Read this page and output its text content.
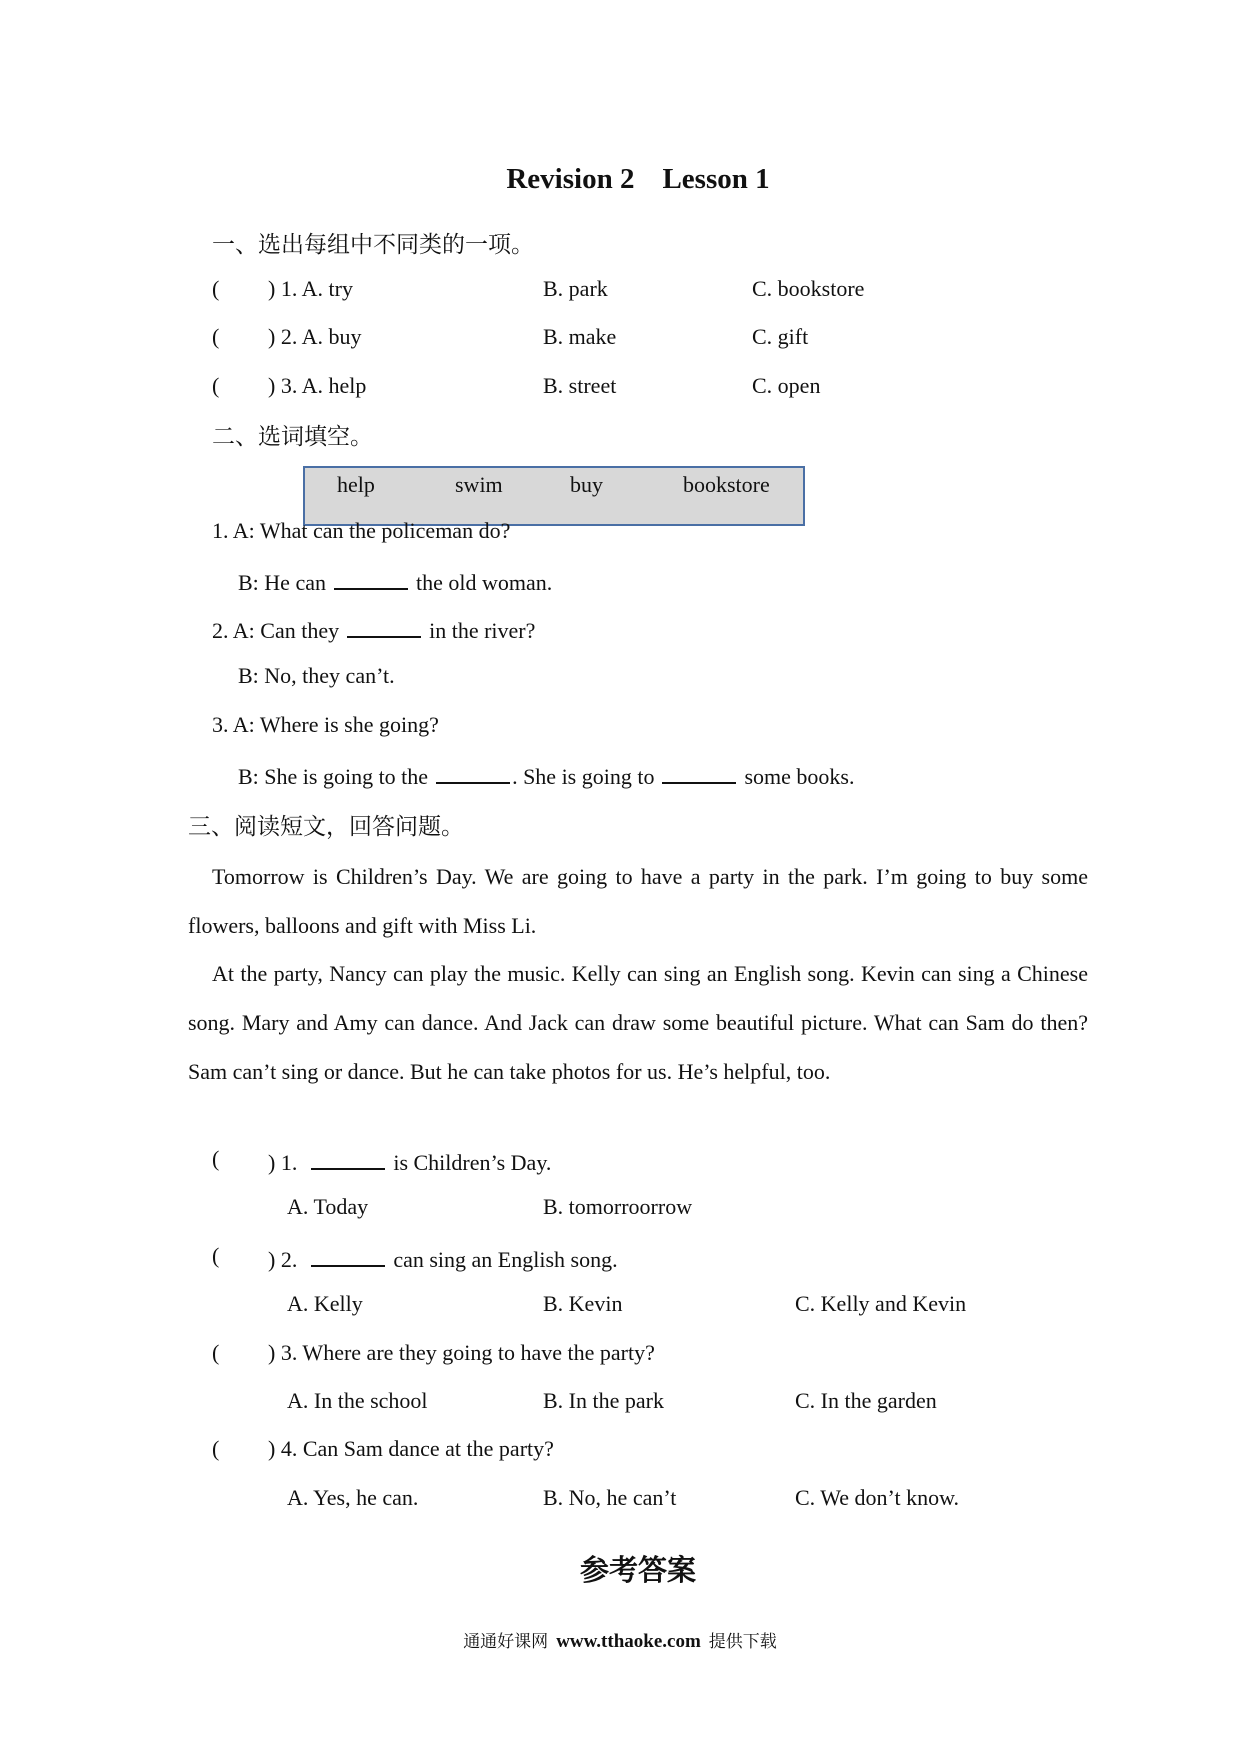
Revision 2 Lesson 1
一、选出每组中不同类的一项。
( ) 1. A. try	B. park	C. bookstore
( ) 2. A. buy	B. make	C. gift
( ) 3. A. help	B. street	C. open
二、选词填空。
help	swim	buy	bookstore
1. A: What can the policeman do?
B: He can	the old woman.
2. A: Can they	in the river?
B: No, they can’t.
3. A: Where is she going?
B: She is going to the	. She is going to	some books.
三、阅读短文，回答问题。
Tomorrow is Children’s Day. We are going to have a party in the park. I’m going to buy some flowers, balloons and gift with Miss Li.
At the party, Nancy can play the music. Kelly can sing an English song. Kevin can sing a Chinese song. Mary and Amy can dance. And Jack can draw some beautiful picture. What can Sam do then? Sam can’t sing or dance. But he can take photos for us. He’s helpful, too.
( ) 1.	is Children’s Day.
A. Today	B. tomorroorrow
( ) 2.	can sing an English song.
A. Kelly	B. Kevin	C. Kelly and Kevin
( ) 3. Where are they going to have the party?
A. In the school	B. In the park	C. In the garden
( ) 4. Can Sam dance at the party?
A. Yes, he can.	B. No, he can’t	C. We don’t know.
参考答案
通通好课网 www.tthaoke.com 提供下载
